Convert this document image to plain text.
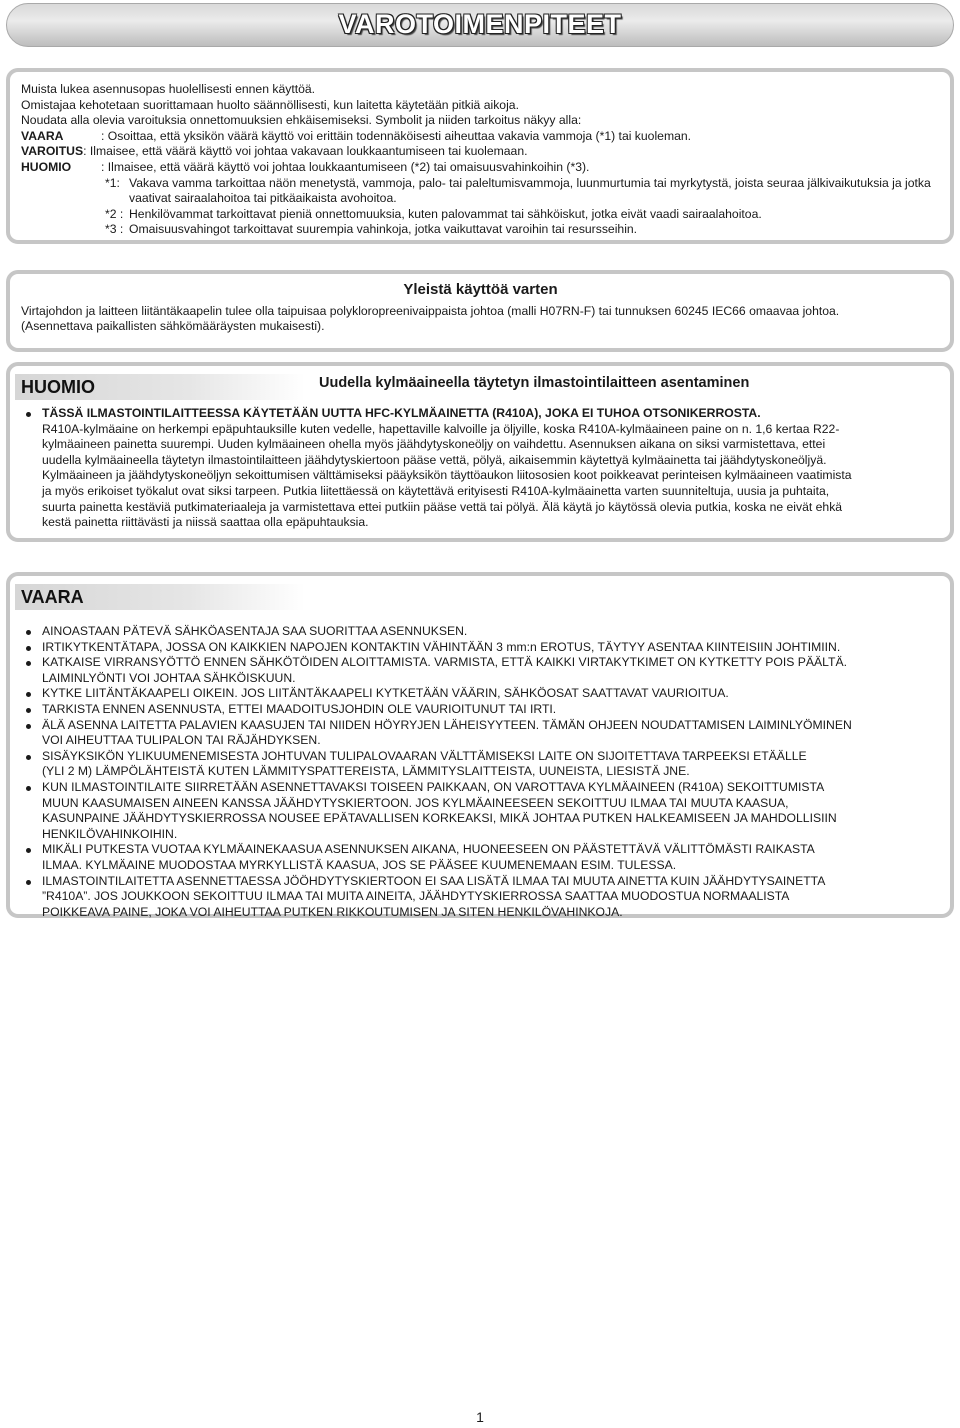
VAROTOIMENPITEET
Muista lukea asennusopas huolellisesti ennen käyttöä.
Omistajaa kehotetaan suorittamaan huolto säännöllisesti, kun laitetta käytetään pitkiä aikoja.
Noudata alla olevia varoituksia onnettomuuksien ehkäisemiseksi. Symbolit ja niiden tarkoitus näkyy alla:
VAARA	: Osoittaa, että yksikön väärä käyttö voi erittäin todennäköisesti aiheuttaa vakavia vammoja (*1) tai kuoleman.
VAROITUS : Ilmaisee, että väärä käyttö voi johtaa vakavaan loukkaantumiseen tai kuolemaan.
HUOMIO	: Ilmaisee, että väärä käyttö voi johtaa loukkaantumiseen (*2) tai omaisuusvahinkoihin (*3).
*1: Vakava vamma tarkoittaa näön menetystä, vammoja, palo- tai paleltumisvammoja, luunmurtumia tai myrkytystä, joista seuraa jälkivaikutuksia ja jotka vaativat sairaalahoitoa tai pitkäaikaista avohoitoa.
*2 : Henkilövammat tarkoittavat pieniä onnettomuuksia, kuten palovammat tai sähköiskut, jotka eivät vaadi sairaalahoitoa.
*3 : Omaisuusvahingot tarkoittavat suurempia vahinkoja, jotka vaikuttavat varoihin tai resursseihin.
Yleistä käyttöä varten
Virtajohdon ja laitteen liitäntäkaapelin tulee olla taipuisaa polykloropreenivaippaista johtoa (malli H07RN-F) tai tunnuksen 60245 IEC66 omaavaa johtoa.
(Asennettava paikallisten sähkömääräysten mukaisesti).
HUOMIO	Uudella kylmäaineella täytetyn ilmastointilaitteen asentaminen
TÄSSÄ ILMASTOINTILAITTEESSA KÄYTETÄÄN UUTTA HFC-KYLMÄAINETTA (R410A), JOKA EI TUHOA OTSONIKERROSTA.
R410A-kylmäaine on herkempi epäpuhtauksille kuten vedelle, hapettaville kalvoille ja öljyille, koska R410A-kylmäaineen paine on n. 1,6 kertaa R22-
kylmäaineen painetta suurempi. Uuden kylmäaineen ohella myös jäähdytyskoneöljy on vaihdettu. Asennuksen aikana on siksi varmistettava, ettei
uudella kylmäaineella täytetyn ilmastointilaitteen jäähdytyskiertoon pääse vettä, pölyä, aikaisemmin käytettyä kylmäainetta tai jäähdytyskoneöljyä.
Kylmäaineen ja jäähdytyskoneöljyn sekoittumisen välttämiseksi pääyksikön täyttöaukon liitososien koot poikkeavat perinteisen kylmäaineen vaatimista
ja myös erikoiset työkalut ovat siksi tarpeen. Putkia liitettäessä on käytettävä erityisesti R410A-kylmäainetta varten suunniteltuja, uusia ja puhtaita,
suurta painetta kestäviä putkimateriaaleja ja varmistettava ettei putkiin pääse vettä tai pölyä. Älä käytä jo käytössä olevia putkia, koska ne eivät ehkä
kestä painetta riittävästi ja niissä saattaa olla epäpuhtauksia.
VAARA
AINOASTAAN PÄTEVÄ SÄHKÖASENTAJA SAA SUORITTAA ASENNUKSEN.
IRTIKYTKENTÄTAPA, JOSSA ON KAIKKIEN NAPOJEN KONTAKTIN VÄHINTÄÄN 3 mm:n EROTUS, TÄYTYY ASENTAA KIINTEISIIN JOHTIMIIN.
KATKAISE VIRRANSYÖTTÖ ENNEN SÄHKÖTÖIDEN ALOITTAMISTA. VARMISTA, ETTÄ KAIKKI VIRTAKYTKIMET ON KYTKETTY POIS PÄÄLTÄ.
LAIMINLYÖNTI VOI JOHTAA SÄHKÖISKUUN.
KYTKE LIITÄNTÄKAAPELI OIKEIN. JOS LIITÄNTÄKAAPELI KYTKETÄÄN VÄÄRIN, SÄHKÖOSAT SAATTAVAT VAURIOITUA.
TARKISTA ENNEN ASENNUSTA, ETTEI MAADOITUSJOHDIN OLE VAURIOITUNUT TAI IRTI.
ÄLÄ ASENNA LAITETTA PALAVIEN KAASUJEN TAI NIIDEN HÖYRYJEN LÄHEISYYTEEN. TÄMÄN OHJEEN NOUDATTAMISEN LAIMINLYÖMINEN
VOI AIHEUTTAA TULIPALON TAI RÄJÄHDYKSEN.
SISÄYKSIKÖN YLIKUUMENEMISESTA JOHTUVAN TULIPALOVAARAN VÄLTTÄMISEKSI LAITE ON SIJOITETTAVA TARPEEKSI ETÄÄLLE
(YLI 2 M) LÄMPÖLÄHTEISTÄ KUTEN LÄMMITYSPATTEREISTA, LÄMMITYSLAITTEISTA, UUNEISTA, LIESISTÄ JNE.
KUN ILMASTOINTILAITE SIIRRETÄÄN ASENNETTAVAKSI TOISEEN PAIKKAAN, ON VAROTTAVA KYLMÄAINEEN (R410A) SEKOITTUMISTA
MUUN KAASUMAISEN AINEEN KANSSA JÄÄHDYTYSKIERTOON. JOS KYLMÄAINEESEEN SEKOITTUU ILMAA TAI MUUTA KAASUA,
KASUNPAINE JÄÄHDYTYSKIERROSSA NOUSEE EPÄTAVALLISEN KORKEAKSI, MIKÄ JOHTAA PUTKEN HALKEAMISEEN JA MAHDOLLISIIN
HENKILÖVAHINKOIHIN.
MIKÄLI PUTKESTA VUOTAA KYLMÄAINEKAASUA ASENNUKSEN AIKANA, HUONEESEEN ON PÄÄSTETTÄVÄ VÄLITTÖMÄSTI RAIKASTA
ILMAA. KYLMÄAINE MUODOSTAA MYRKYLLISTÄ KAASUA, JOS SE PÄÄSEE KUUMENEMAAN ESIM. TULESSA.
ILMASTOINTILAITETTA ASENNETTAESSA JÖÖHDYTYSKIERTOON EI SAA LISÄTÄ ILMAA TAI MUUTA AINETTA KUIN JÄÄHDYTYSAINETTA
”R410A”. JOS JOUKKOON SEKOITTUU ILMAA TAI MUITA AINEITA, JÄÄHDYTYSKIERROSSA SAATTAA MUODOSTUA NORMAALISTA
POIKKEAVA PAINE, JOKA VOI AIHEUTTAA PUTKEN RIKKOUTUMISEN JA SITEN HENKILÖVAHINKOJA.
1
